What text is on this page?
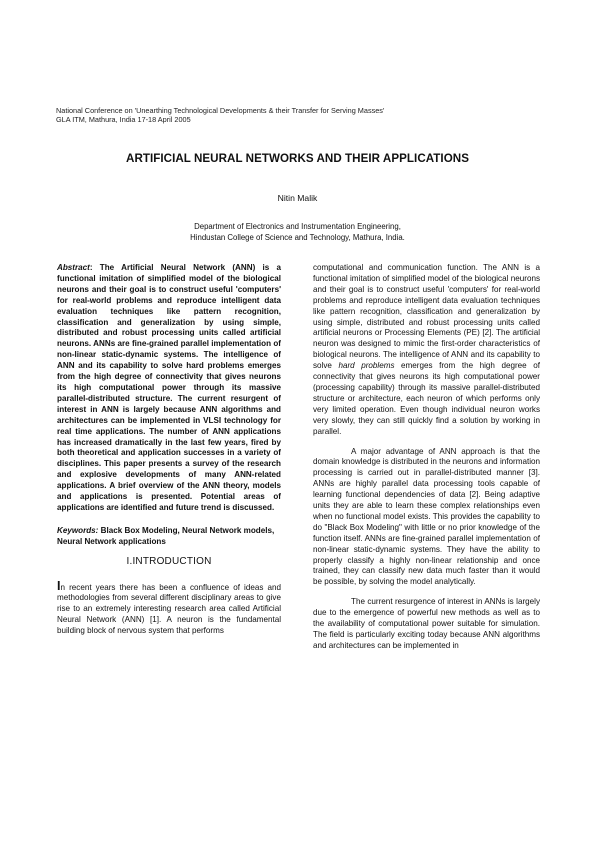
National Conference on 'Unearthing Technological Developments & their Transfer for Serving Masses'
GLA ITM, Mathura, India 17-18 April 2005
ARTIFICIAL NEURAL NETWORKS AND THEIR APPLICATIONS
Nitin Malik
Department of Electronics and Instrumentation Engineering,
Hindustan College of Science and Technology, Mathura, India.
Abstract: The Artificial Neural Network (ANN) is a functional imitation of simplified model of the biological neurons and their goal is to construct useful 'computers' for real-world problems and reproduce intelligent data evaluation techniques like pattern recognition, classification and generalization by using simple, distributed and robust processing units called artificial neurons. ANNs are fine-grained parallel implementation of non-linear static-dynamic systems. The intelligence of ANN and its capability to solve hard problems emerges from the high degree of connectivity that gives neurons its high computational power through its massive parallel-distributed structure. The current resurgent of interest in ANN is largely because ANN algorithms and architectures can be implemented in VLSI technology for real time applications. The number of ANN applications has increased dramatically in the last few years, fired by both theoretical and application successes in a variety of disciplines. This paper presents a survey of the research and explosive developments of many ANN-related applications. A brief overview of the ANN theory, models and applications is presented. Potential areas of applications are identified and future trend is discussed.
Keywords: Black Box Modeling, Neural Network models, Neural Network applications
I.INTRODUCTION
In recent years there has been a confluence of ideas and methodologies from several different disciplinary areas to give rise to an extremely interesting research area called Artificial Neural Network (ANN) [1]. A neuron is the fundamental building block of nervous system that performs
computational and communication function. The ANN is a functional imitation of simplified model of the biological neurons and their goal is to construct useful 'computers' for real-world problems and reproduce intelligent data evaluation techniques like pattern recognition, classification and generalization by using simple, distributed and robust processing units called artificial neurons or Processing Elements (PE) [2]. The artificial neuron was designed to mimic the first-order characteristics of biological neurons. The intelligence of ANN and its capability to solve hard problems emerges from the high degree of connectivity that gives neurons its high computational power (processing capability) through its massive parallel-distributed structure or architecture, each neuron of which performs only very limited operation. Even though individual neuron works very slowly, they can still quickly find a solution by working in parallel.
A major advantage of ANN approach is that the domain knowledge is distributed in the neurons and information processing is carried out in parallel-distributed manner [3]. ANNs are highly parallel data processing tools capable of learning functional dependencies of data [2]. Being adaptive units they are able to learn these complex relationships even when no functional model exists. This provides the capability to do "Black Box Modeling" with little or no prior knowledge of the function itself. ANNs are fine-grained parallel implementation of non-linear static-dynamic systems. They have the ability to properly classify a highly non-linear relationship and once trained, they can classify new data much faster than it would be possible, by solving the model analytically.
The current resurgence of interest in ANNs is largely due to the emergence of powerful new methods as well as to the availability of computational power suitable for simulation. The field is particularly exciting today because ANN algorithms and architectures can be implemented in
